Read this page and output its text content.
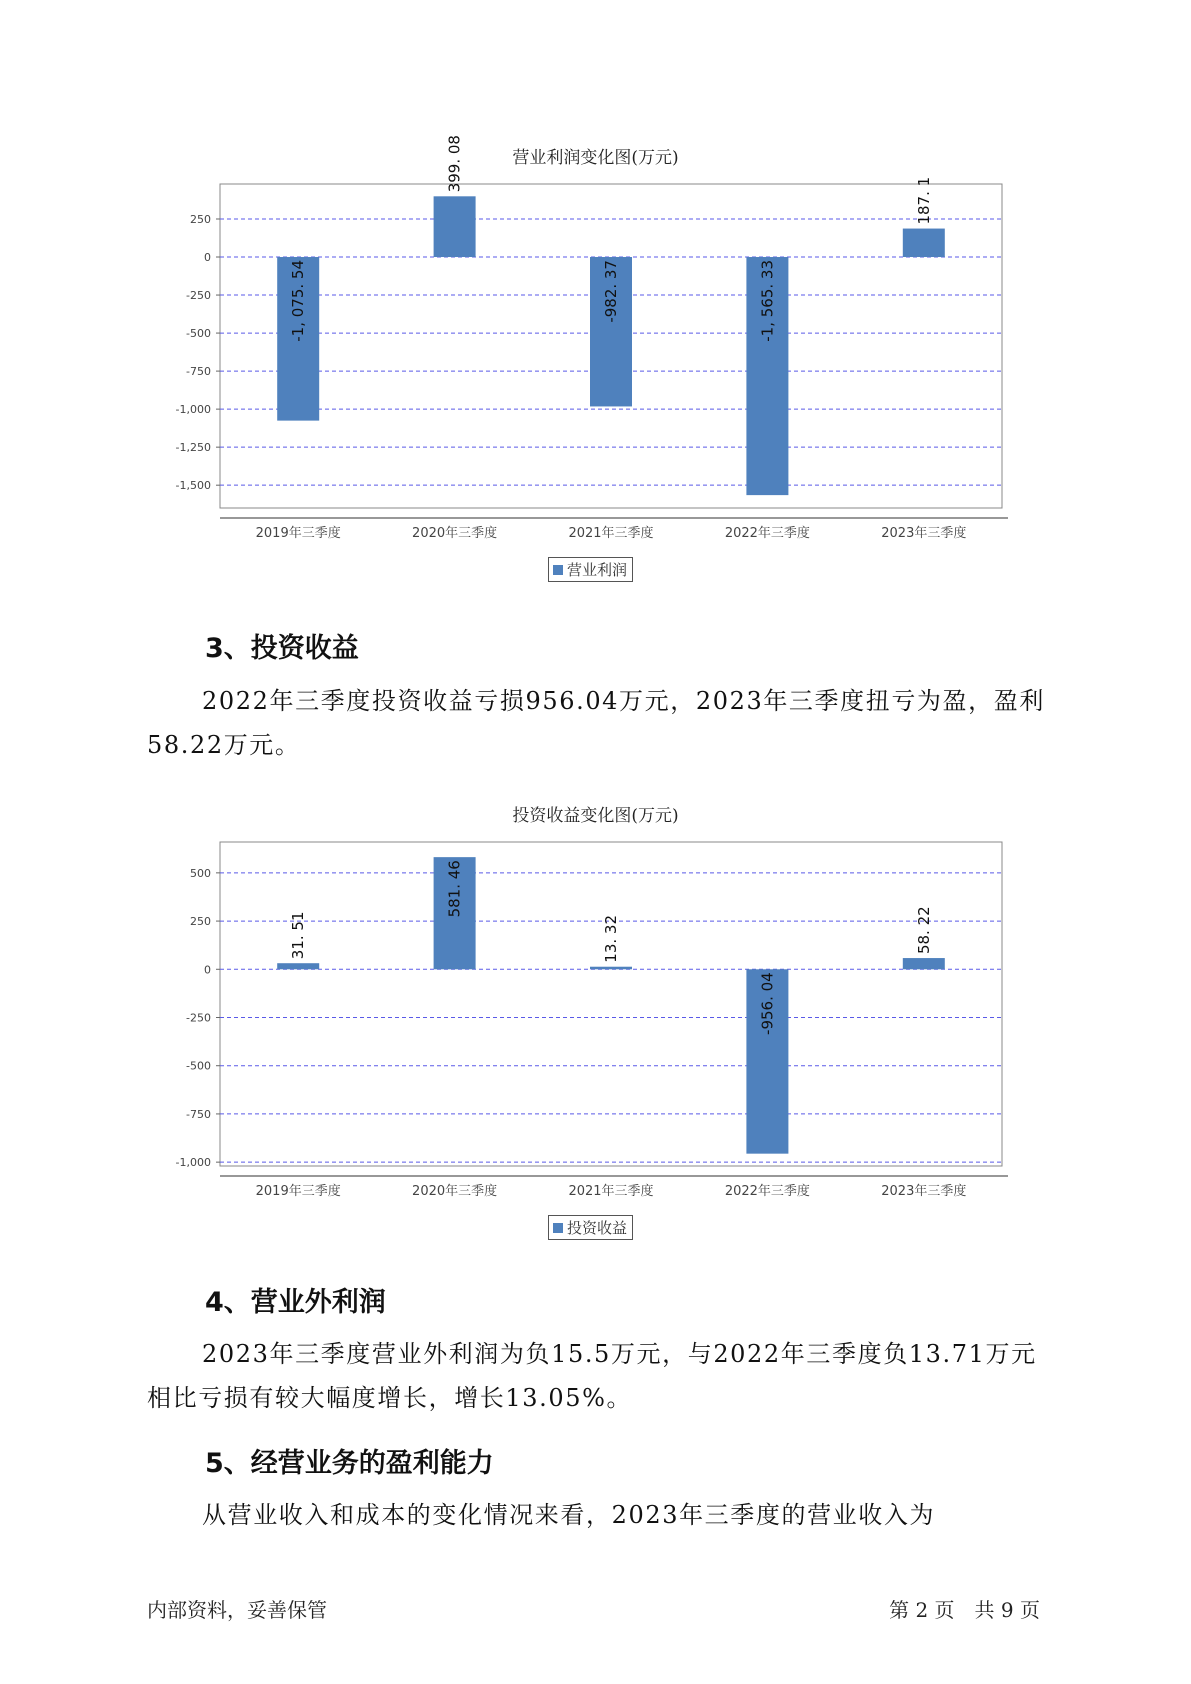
营业利润变化图(万元)
250
0
-250
-500
-750
-1,000
-1,250
-1,500
-1, 075. 54
2019年三季度
399. 08
2020年三季度
-982. 37
2021年三季度
-1, 565. 33
2022年三季度
187. 1
2023年三季度
营业利润
3、投资收益

2022年三季度投资收益亏损956.04万元，2023年三季度扭亏为盈，盈利58.22万元。

投资收益变化图(万元)
500
250
0
-250
-500
-750
-1,000
31. 51
2019年三季度
581. 46
2020年三季度
13. 32
2021年三季度
-956. 04
2022年三季度
58. 22
2023年三季度
投资收益
4、营业外利润

2023年三季度营业外利润为负15.5万元，与2022年三季度负13.71万元相比亏损有较大幅度增长，增长13.05%。

5、经营业务的盈利能力

从营业收入和成本的变化情况来看，2023年三季度的营业收入为

内部资料，妥善保管	第 2 页　共 9 页
